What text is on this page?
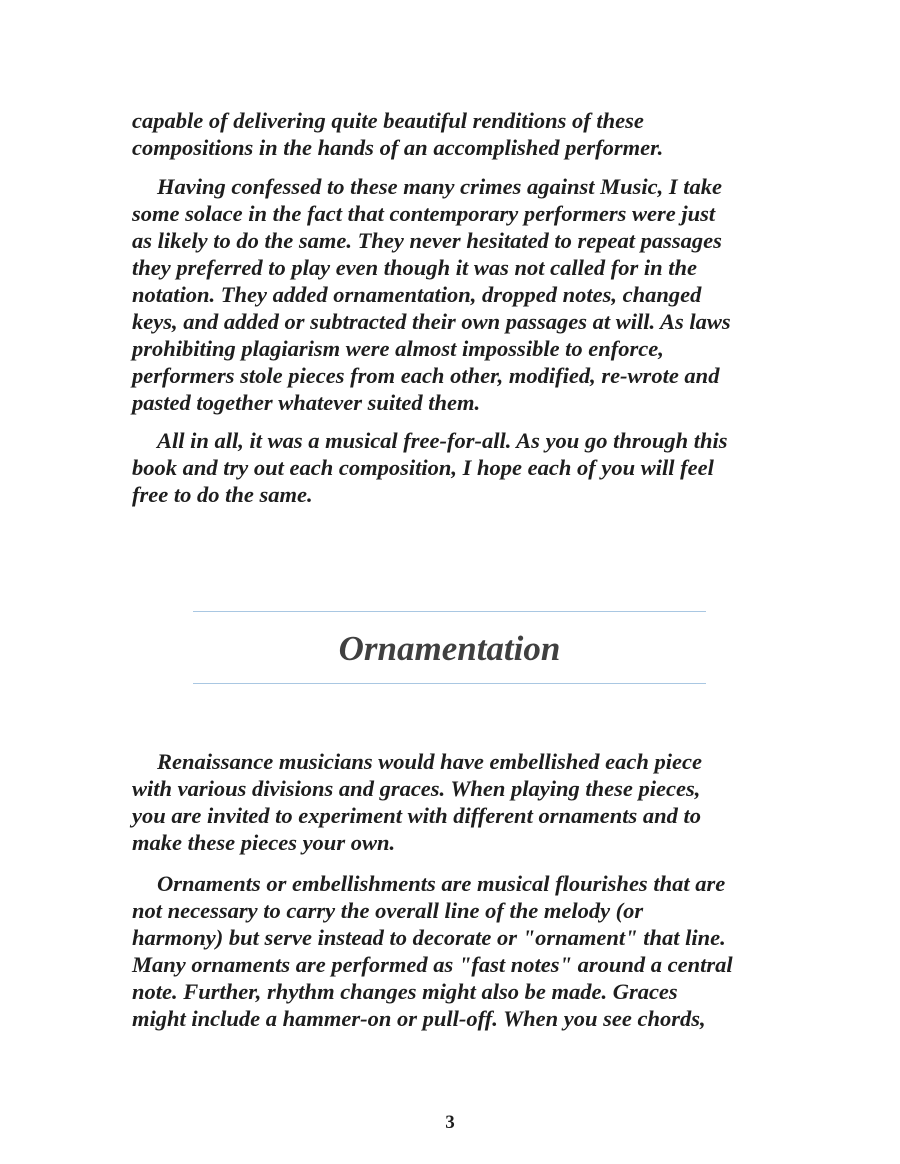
capable of delivering quite beautiful renditions of these
compositions in the hands of an accomplished performer.
Having confessed to these many crimes against Music, I take
some solace in the fact that contemporary performers were just
as likely to do the same. They never hesitated to repeat passages
they preferred to play even though it was not called for in the
notation. They added ornamentation, dropped notes, changed
keys, and added or subtracted their own passages at will. As laws
prohibiting plagiarism were almost impossible to enforce,
performers stole pieces from each other, modified, re-wrote and
pasted together whatever suited them.
All in all, it was a musical free-for-all. As you go through this
book and try out each composition, I hope each of you will feel
free to do the same.
Ornamentation
Renaissance musicians would have embellished each piece
with various divisions and graces. When playing these pieces,
you are invited to experiment with different ornaments and to
make these pieces your own.
Ornaments or embellishments are musical flourishes that are
not necessary to carry the overall line of the melody (or
harmony) but serve instead to decorate or "ornament" that line.
Many ornaments are performed as "fast notes" around a central
note. Further, rhythm changes might also be made. Graces
might include a hammer-on or pull-off. When you see chords,
3
